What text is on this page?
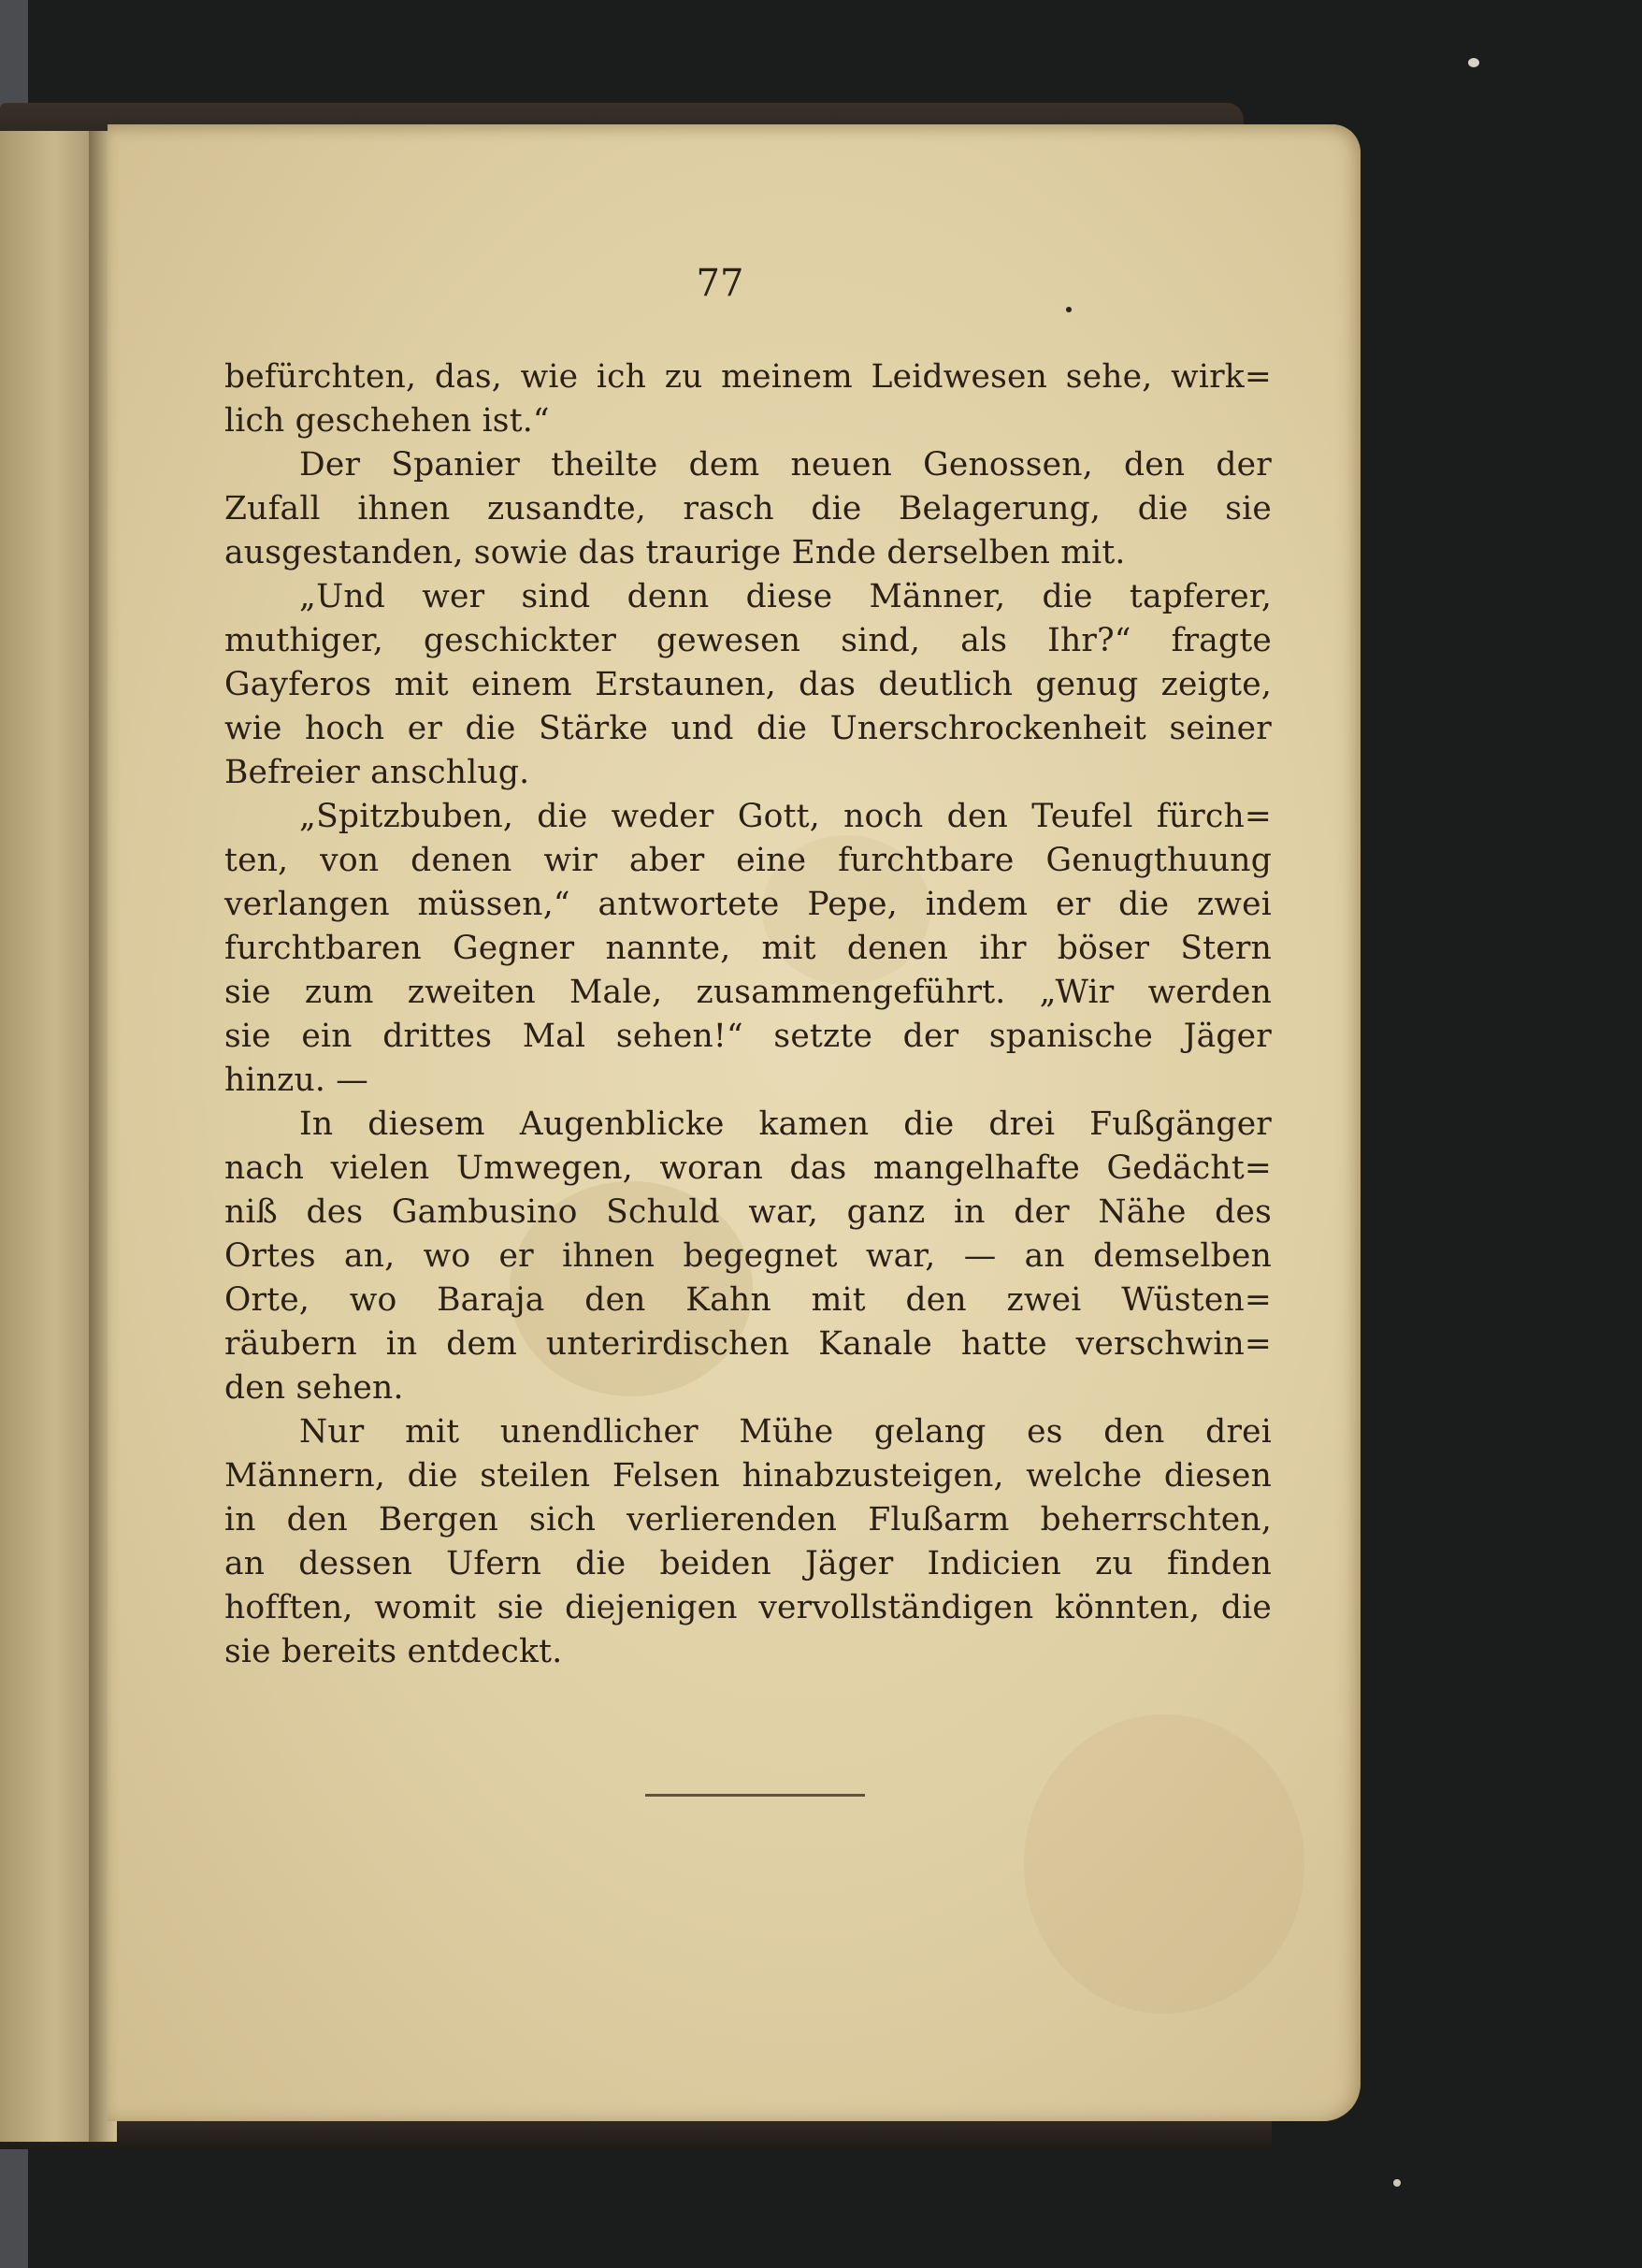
77
befürchten, das, wie ich zu meinem Leidwesen sehe, wirk=
lich geschehen ist.“
Der Spanier theilte dem neuen Genossen, den der
Zufall ihnen zusandte, rasch die Belagerung, die sie
ausgestanden, sowie das traurige Ende derselben mit.
„Und wer sind denn diese Männer, die tapferer,
muthiger, geschickter gewesen sind, als Ihr?“ fragte
Gayferos mit einem Erstaunen, das deutlich genug zeigte,
wie hoch er die Stärke und die Unerschrockenheit seiner
Befreier anschlug.
„Spitzbuben, die weder Gott, noch den Teufel fürch=
ten, von denen wir aber eine furchtbare Genugthuung
verlangen müssen,“ antwortete Pepe, indem er die zwei
furchtbaren Gegner nannte, mit denen ihr böser Stern
sie zum zweiten Male, zusammengeführt. „Wir werden
sie ein drittes Mal sehen!“ setzte der spanische Jäger
hinzu. —
In diesem Augenblicke kamen die drei Fußgänger
nach vielen Umwegen, woran das mangelhafte Gedächt=
niß des Gambusino Schuld war, ganz in der Nähe des
Ortes an, wo er ihnen begegnet war, — an demselben
Orte, wo Baraja den Kahn mit den zwei Wüsten=
räubern in dem unterirdischen Kanale hatte verschwin=
den sehen.
Nur mit unendlicher Mühe gelang es den drei
Männern, die steilen Felsen hinabzusteigen, welche diesen
in den Bergen sich verlierenden Flußarm beherrschten,
an dessen Ufern die beiden Jäger Indicien zu finden
hofften, womit sie diejenigen vervollständigen könnten, die
sie bereits entdeckt.
